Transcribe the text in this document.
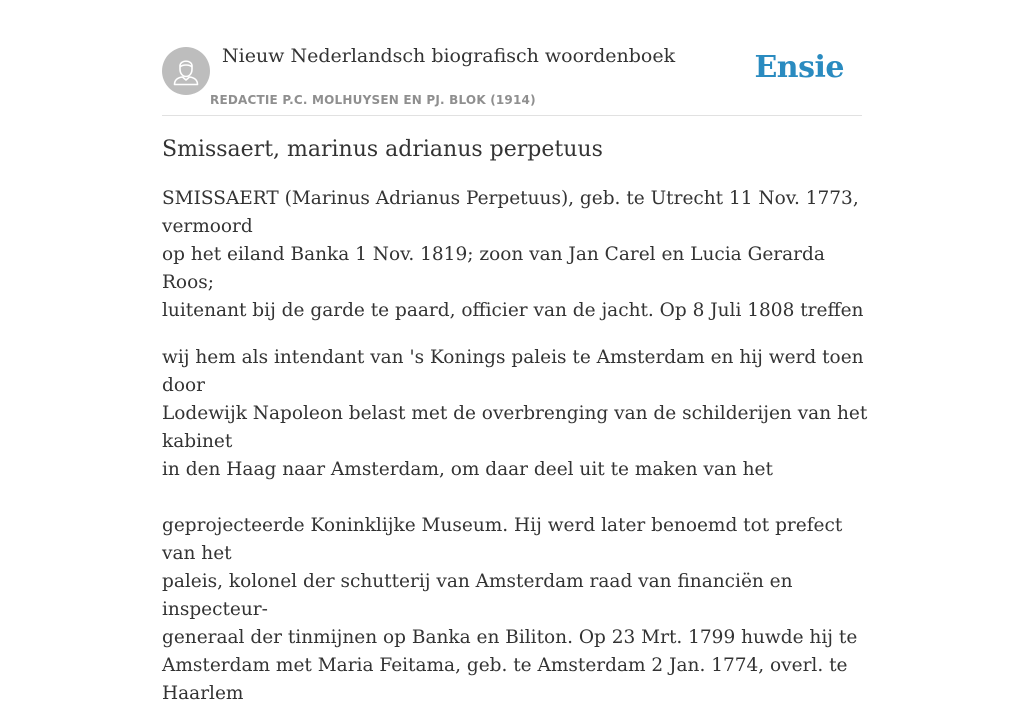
Nieuw Nederlandsch biografisch woordenboek
REDACTIE P.C. MOLHUYSEN EN PJ. BLOK (1914)
Ensie
Smissaert, marinus adrianus perpetuus

SMISSAERT (Marinus Adrianus Perpetuus), geb. te Utrecht 11 Nov. 1773, vermoord
op het eiland Banka 1 Nov. 1819; zoon van Jan Carel en Lucia Gerarda Roos;
luitenant bij de garde te paard, officier van de jacht. Op 8 Juli 1808 treffen

wij hem als intendant van 's Konings paleis te Amsterdam en hij werd toen door
Lodewijk Napoleon belast met de overbrenging van de schilderijen van het kabinet
in den Haag naar Amsterdam, om daar deel uit te maken van het

geprojecteerde Koninklijke Museum. Hij werd later benoemd tot prefect van het
paleis, kolonel der schutterij van Amsterdam raad van financiën en inspecteur-
generaal der tinmijnen op Banka en Biliton. Op 23 Mrt. 1799 huwde hij te
Amsterdam met Maria Feitama, geb. te Amsterdam 2 Jan. 1774, overl. te Haarlem
